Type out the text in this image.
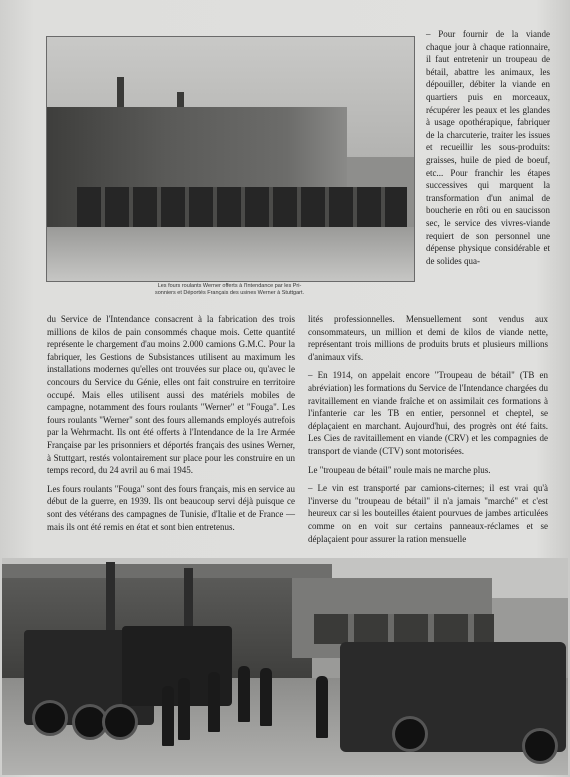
Les fours roulants Werner offerts à l'Intendance par les Pri-
sonniers et Déportés Français des usines Werner à Stuttgart.

– Pour fournir de la viande chaque jour à chaque rationnaire, il faut entretenir un troupeau de bétail, abattre les animaux, les dépouiller, débiter la viande en quartiers puis en morceaux, récupérer les peaux et les glandes à usage opothérapique, fabriquer de la charcuterie, traiter les issues et recueillir les sous-produits: graisses, huile de pied de boeuf, etc... Pour franchir les étapes successives qui marquent la transformation d'un animal de boucherie en rôti ou en saucisson sec, le service des vivres-viande requiert de son personnel une dépense physique considérable et de solides qua-

du Service de l'Intendance consacrent à la fabrication des trois millions de kilos de pain consommés chaque mois. Cette quantité représente le chargement d'au moins 2.000 camions G.M.C. Pour la fabriquer, les Gestions de Subsistances utilisent au maximum les installations modernes qu'elles ont trouvées sur place ou, qu'avec le concours du Service du Génie, elles ont fait construire en territoire occupé. Mais elles utilisent aussi des matériels mobiles de campagne, notamment des fours roulants "Werner" et "Fouga". Les fours roulants "Werner" sont des fours allemands employés autrefois par la Wehrmacht. Ils ont été offerts à l'Intendance de la 1re Armée Française par les prisonniers et déportés français des usines Werner, à Stuttgart, restés volontairement sur place pour les construire en un temps record, du 24 avril au 6 mai 1945.

Les fours roulants "Fouga" sont des fours français, mis en service au début de la guerre, en 1939. Ils ont beaucoup servi déjà puisque ce sont des vétérans des campagnes de Tunisie, d'Italie et de France — mais ils ont été remis en état et sont bien entretenus.

lités professionnelles. Mensuellement sont vendus aux consommateurs, un million et demi de kilos de viande nette, représentant trois millions de produits bruts et plusieurs millions d'animaux vifs.

– En 1914, on appelait encore "Troupeau de bétail" (TB en abréviation) les formations du Service de l'Intendance chargées du ravitaillement en viande fraîche et on assimilait ces formations à l'infanterie car les TB en entier, personnel et cheptel, se déplaçaient en marchant. Aujourd'hui, des progrès ont été faits. Les Cies de ravitaillement en viande (CRV) et les compagnies de transport de viande (CTV) sont motorisées.

Le "troupeau de bétail" roule mais ne marche plus.

– Le vin est transporté par camions-citernes; il est vrai qu'à l'inverse du "troupeau de bétail" il n'a jamais "marché" et c'est heureux car si les bouteilles étaient pourvues de jambes articulées comme on en voit sur certains panneaux-réclames et se déplaçaient pour assurer la ration mensuelle
